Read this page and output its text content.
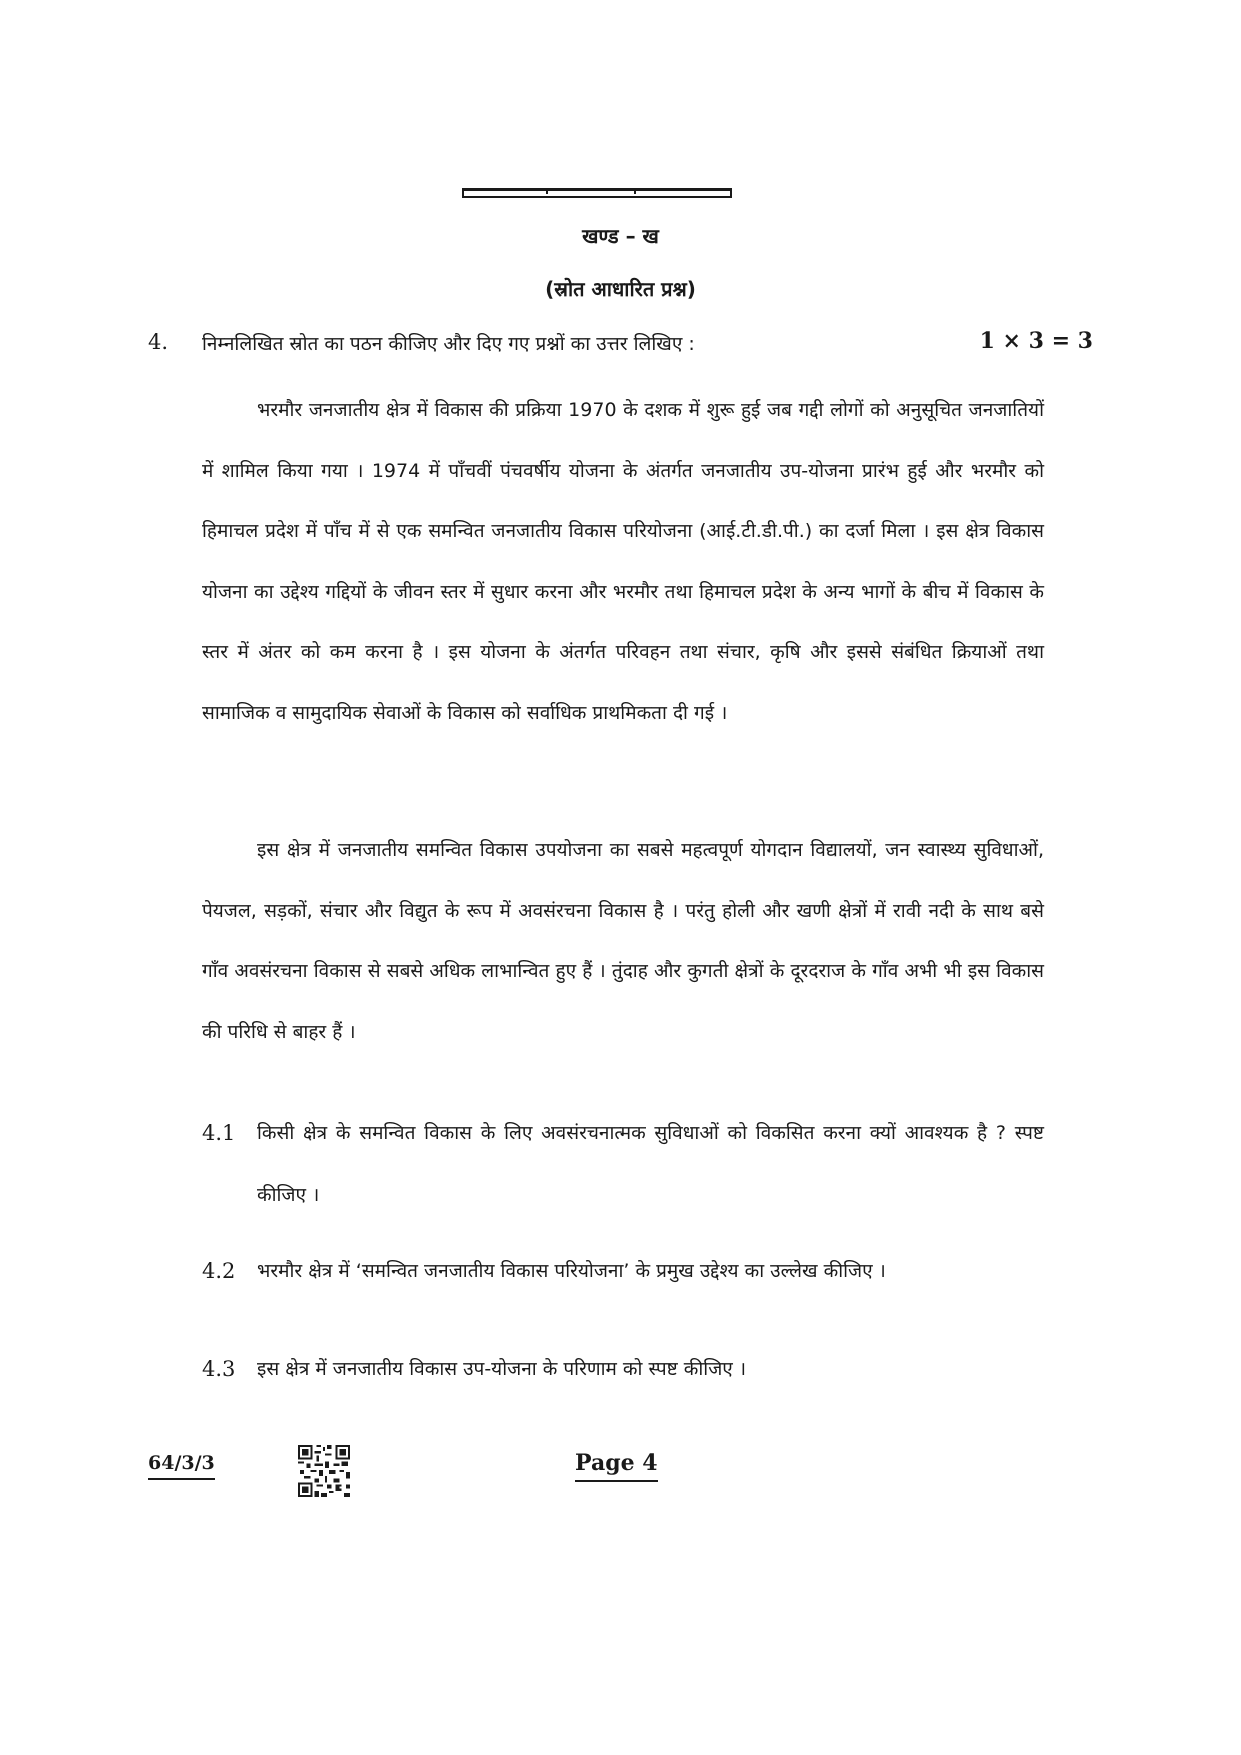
खण्ड – ख
(स्रोत आधारित प्रश्न)
4. निम्नलिखित स्रोत का पठन कीजिए और दिए गए प्रश्नों का उत्तर लिखिए :	1 × 3 = 3

भरमौर जनजातीय क्षेत्र में विकास की प्रक्रिया 1970 के दशक में शुरू हुई जब गद्दी लोगों को अनुसूचित जनजातियों में शामिल किया गया । 1974 में पाँचवीं पंचवर्षीय योजना के अंतर्गत जनजातीय उप-योजना प्रारंभ हुई और भरमौर को हिमाचल प्रदेश में पाँच में से एक समन्वित जनजातीय विकास परियोजना (आई.टी.डी.पी.) का दर्जा मिला । इस क्षेत्र विकास योजना का उद्देश्य गद्दियों के जीवन स्तर में सुधार करना और भरमौर तथा हिमाचल प्रदेश के अन्य भागों के बीच में विकास के स्तर में अंतर को कम करना है । इस योजना के अंतर्गत परिवहन तथा संचार, कृषि और इससे संबंधित क्रियाओं तथा सामाजिक व सामुदायिक सेवाओं के विकास को सर्वाधिक प्राथमिकता दी गई ।

इस क्षेत्र में जनजातीय समन्वित विकास उपयोजना का सबसे महत्वपूर्ण योगदान विद्यालयों, जन स्वास्थ्य सुविधाओं, पेयजल, सड़कों, संचार और विद्युत के रूप में अवसंरचना विकास है । परंतु होली और खणी क्षेत्रों में रावी नदी के साथ बसे गाँव अवसंरचना विकास से सबसे अधिक लाभान्वित हुए हैं । तुंदाह और कुगती क्षेत्रों के दूरदराज के गाँव अभी भी इस विकास की परिधि से बाहर हैं ।

4.1 किसी क्षेत्र के समन्वित विकास के लिए अवसंरचनात्मक सुविधाओं को विकसित करना क्यों आवश्यक है ? स्पष्ट कीजिए ।
4.2 भरमौर क्षेत्र में ‘समन्वित जनजातीय विकास परियोजना’ के प्रमुख उद्देश्य का उल्लेख कीजिए ।
4.3 इस क्षेत्र में जनजातीय विकास उप-योजना के परिणाम को स्पष्ट कीजिए ।
64/3/3	Page 4
